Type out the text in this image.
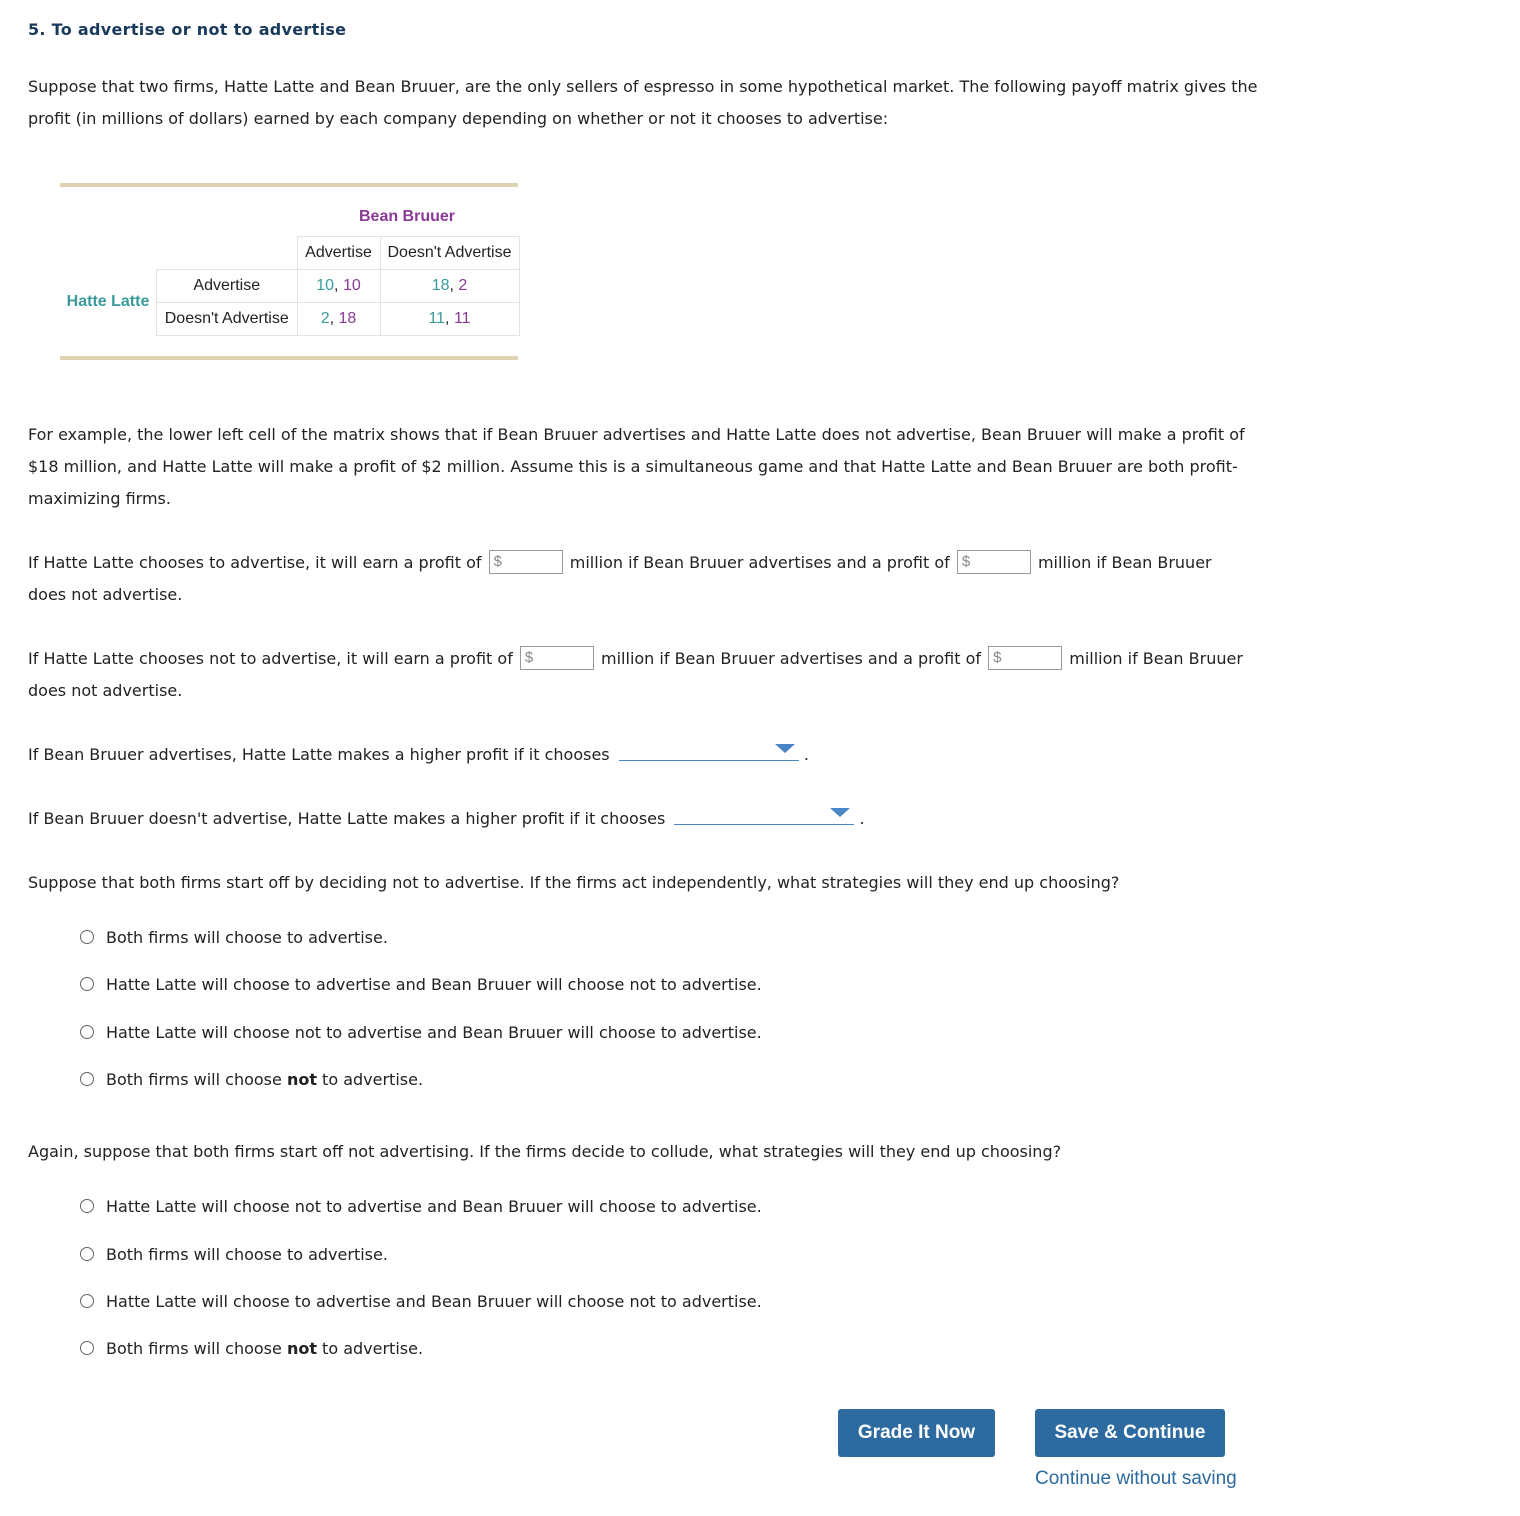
5. To advertise or not to advertise
Suppose that two firms, Hatte Latte and Bean Bruuer, are the only sellers of espresso in some hypothetical market. The following payoff matrix gives the profit (in millions of dollars) earned by each company depending on whether or not it chooses to advertise:
Bean Bruuer
Hatte Latte
	Advertise	Doesn't Advertise
Advertise	10, 10	18, 2
Doesn't Advertise	2, 18	11, 11
For example, the lower left cell of the matrix shows that if Bean Bruuer advertises and Hatte Latte does not advertise, Bean Bruuer will make a profit of $18 million, and Hatte Latte will make a profit of $2 million. Assume this is a simultaneous game and that Hatte Latte and Bean Bruuer are both profit-maximizing firms.
If Hatte Latte chooses to advertise, it will earn a profit of $	million if Bean Bruuer advertises and a profit of $	million if Bean Bruuer
does not advertise.
If Hatte Latte chooses not to advertise, it will earn a profit of $	million if Bean Bruuer advertises and a profit of $	million if Bean Bruuer
does not advertise.
If Bean Bruuer advertises, Hatte Latte makes a higher profit if it chooses	.
If Bean Bruuer doesn't advertise, Hatte Latte makes a higher profit if it chooses	.
Suppose that both firms start off by deciding not to advertise. If the firms act independently, what strategies will they end up choosing?
Both firms will choose to advertise.
Hatte Latte will choose to advertise and Bean Bruuer will choose not to advertise.
Hatte Latte will choose not to advertise and Bean Bruuer will choose to advertise.
Both firms will choose not to advertise.
Again, suppose that both firms start off not advertising. If the firms decide to collude, what strategies will they end up choosing?
Hatte Latte will choose not to advertise and Bean Bruuer will choose to advertise.
Both firms will choose to advertise.
Hatte Latte will choose to advertise and Bean Bruuer will choose not to advertise.
Both firms will choose not to advertise.
Grade It Now	Save & Continue
Continue without saving
